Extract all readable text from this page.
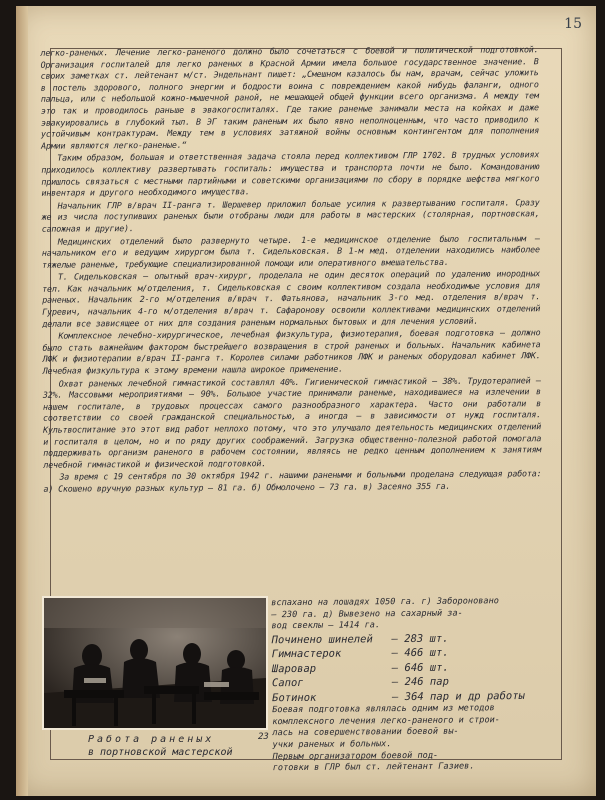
15

легко-раненых. Лечение легко-раненого должно было сочетаться с боевой и политической подготовкой. Организация госпиталей для легко раненых в Красной Армии имела большое государственное значение. В своих заметках ст. лейтенант м/ст. Эндельнант пишет: „Смешном казалось бы нам, врачам, сейчас уложить в постель здорового, полного энергии и бодрости воина с повреждением какой нибудь фаланги, одного пальца, или с небольшой кожно-мышечной раной, не мешающей общей функции всего организма. А между тем это так и проводилось раньше в эвакогоспиталях. Где такие раненые занимали места на койках и даже эвакуировались в глубокий тыл. В ЭГ таким раненым их было явно неполноценным, что часто приводило к устойчивым контрактурам. Между тем в условиях затяжной войны основным контингентом для пополнения Армии являются легко-раненые.“

Таким образом, большая и ответственная задача стояла перед коллективом ГЛР 1702. В трудных условиях приходилось коллективу развертывать госпиталь: имущества и транспорта почти не было. Командованию пришлось связаться с местными партийными и советскими организациями по сбору в порядке шефства мягкого инвентаря и другого необходимого имущества.

Начальник ГЛР в/врач II-ранга т. Шершевер приложил больше усилия к развертыванию госпиталя. Сразу же из числа поступивших раненых были отобраны люди для работы в мастерских (столярная, портновская, сапожная и другие).

Медицинских отделений было развернуто четыре. 1-е медицинское отделение было госпитальным — начальником его и ведущим хирургом была т. Сидельковская. В 1-м мед. отделении находились наиболее тяжелые раненые, требующие специализированной помощи или оперативного вмешательства.

Т. Сидельковская — опытный врач-хирург, проделала не один десяток операций по удалению инородных тел. Как начальник м/отделения, т. Сидельковская с своим коллективом создала необходимые условия для раненых. Начальник 2-го м/отделения в/врач т. Фатьянова, начальник 3-го мед. отделения в/врач т. Гуревич, начальник 4-го м/отделения в/врач т. Сафаронову освоили коллективами медицинских отделений делали все зависящее от них для создания раненым нормальных бытовых и для лечения условий.

Комплексное лечебно-хирургическое, лечебная физкультура, физиотерапия, боевая подготовка — должно было стать важнейшим фактором быстрейшего возвращения в строй раненых и больных. Начальник кабинета ЛФК и физиотерапии в/врач II-ранга т. Королев силами работников ЛФК и раненых оборудовал кабинет ЛФК. Лечебная физкультура к этому времени нашла широкое применение.

Охват раненых лечебной гимнастикой составлял 40%. Гигиенической гимнастикой — 38%. Трудотерапией — 32%. Массовыми мероприятиями — 90%. Большое участие принимали раненые, находившиеся на излечении в нашем госпитале, в трудовых процессах самого разнообразного характера. Часто они работали в соответствии со своей гражданской специальностью, а иногда — в зависимости от нужд госпиталя. Культвоспитание это этот вид работ неплохо потому, что это улучшало деятельность медицинских отделений и госпиталя в целом, но и по рядy других соображений. Загрузка общественно-полезной работой помогала поддерживать организм раненого в рабочем состоянии, являясь не редко ценным дополнением к занятиям лечебной гимнастикой и физической подготовкой.

За время с 19 сентября по 30 октября 1942 г. нашими ранеными и больными проделана следующая работа: а) Скошено вручную разных культур — 81 га. б) Обмолочено — 73 га. в) Засеяно 355 га.

Работа раненых
в портновской мастерской
23
вспахано на лошадях 1050 га. г) Заборонованo
— 230 га. д) Вывезено на сахарный за-
вод свеклы — 1414 га.
Починено шинелей	— 283 шт.
Гимнастерок	— 466 шт.
Шаровар	— 646 шт.
Сапог	— 246 пар
Ботинок	— 364 пар и др работы
Боевая подготовка являлась одним из методов
комплексного лечения легко-раненого и строи-
лась на совершенствовании боевой вы-
учки раненых и больных.
Первым организатором боевой под-
готовки в ГЛР был ст. лейтенант Газиев.
